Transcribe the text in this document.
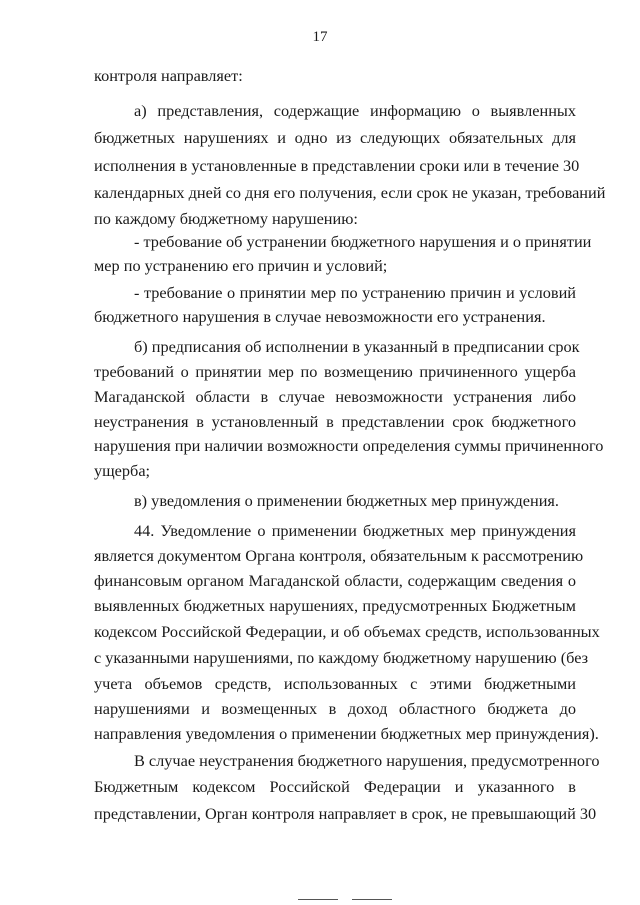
17
контроля направляет:
а) представления, содержащие информацию о выявленных
бюджетных нарушениях и одно из следующих обязательных для
исполнения в установленные в представлении сроки или в течение 30
календарных дней со дня его получения, если срок не указан, требований
по каждому бюджетному нарушению:
- требование об устранении бюджетного нарушения и о принятии
мер по устранению его причин и условий;
- требование о принятии мер по устранению причин и условий
бюджетного нарушения в случае невозможности его устранения.
б) предписания об исполнении в указанный в предписании срок
требований о принятии мер по возмещению причиненного ущерба
Магаданской области в случае невозможности устранения либо
неустранения в установленный в представлении срок бюджетного
нарушения при наличии возможности определения суммы причиненного
ущерба;
в) уведомления о применении бюджетных мер принуждения.
44. Уведомление о применении бюджетных мер принуждения
является документом Органа контроля, обязательным к рассмотрению
финансовым органом Магаданской области, содержащим сведения о
выявленных бюджетных нарушениях, предусмотренных Бюджетным
кодексом Российской Федерации, и об объемах средств, использованных
с указанными нарушениями, по каждому бюджетному нарушению (без
учета объемов средств, использованных с этими бюджетными
нарушениями и возмещенных в доход областного бюджета до
направления уведомления о применении бюджетных мер принуждения).
В случае неустранения бюджетного нарушения, предусмотренного
Бюджетным кодексом Российской Федерации и указанного в
представлении, Орган контроля направляет в срок, не превышающий 30
